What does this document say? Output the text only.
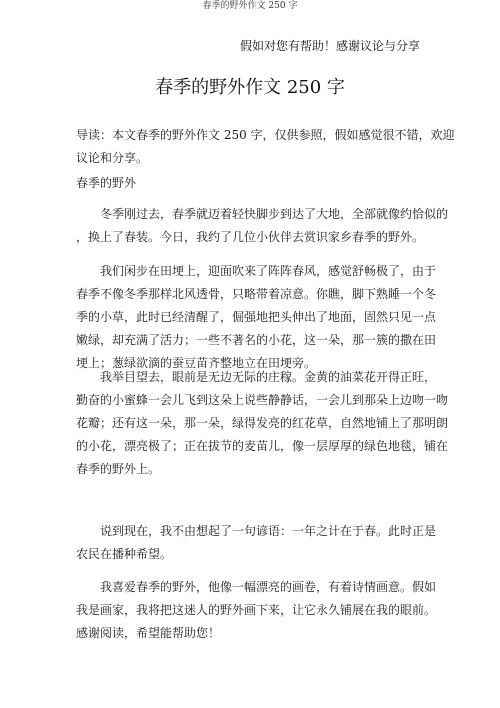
春季的野外作文 250 字
假如对您有帮助！感谢议论与分享
春季的野外作文 250 字
导读：本文春季的野外作文 250 字，仅供参照，假如感觉很不错，欢迎
议论和分享。
春季的野外
冬季刚过去，春季就迈着轻快脚步到达了大地，全部就像约恰似的
，换上了春装。今日，我约了几位小伙伴去赏识家乡春季的野外。
我们闲步在田埂上，迎面吹来了阵阵春风，感觉舒畅极了，由于
春季不像冬季那样北风透骨，只略带着凉意。你瞧，脚下熟睡一个冬
季的小草，此时已经清醒了，倔强地把头伸出了地面，固然只见一点
嫩绿，却充满了活力；一些不著名的小花，这一朵，那一簇的撒在田
埂上；葱绿欲滴的蚕豆苗齐整地立在田埂旁。
我举目望去，眼前是无边无际的庄稼。金黄的油菜花开得正旺，
勤奋的小蜜蜂一会儿飞到这朵上说些静静话，一会儿到那朵上边吻一吻
花瓣；还有这一朵，那一朵，绿得发亮的红花草，自然地铺上了那明朗
的小花，漂亮极了；正在拔节的麦苗儿，像一层厚厚的绿色地毯，铺在
春季的野外上。
说到现在，我不由想起了一句谚语：一年之计在于春。此时正是
农民在播种希望。
我喜爱春季的野外，他像一幅漂亮的画卷，有着诗情画意。假如
我是画家，我将把这迷人的野外画下来，让它永久铺展在我的眼前。
感谢阅读，希望能帮助您！
